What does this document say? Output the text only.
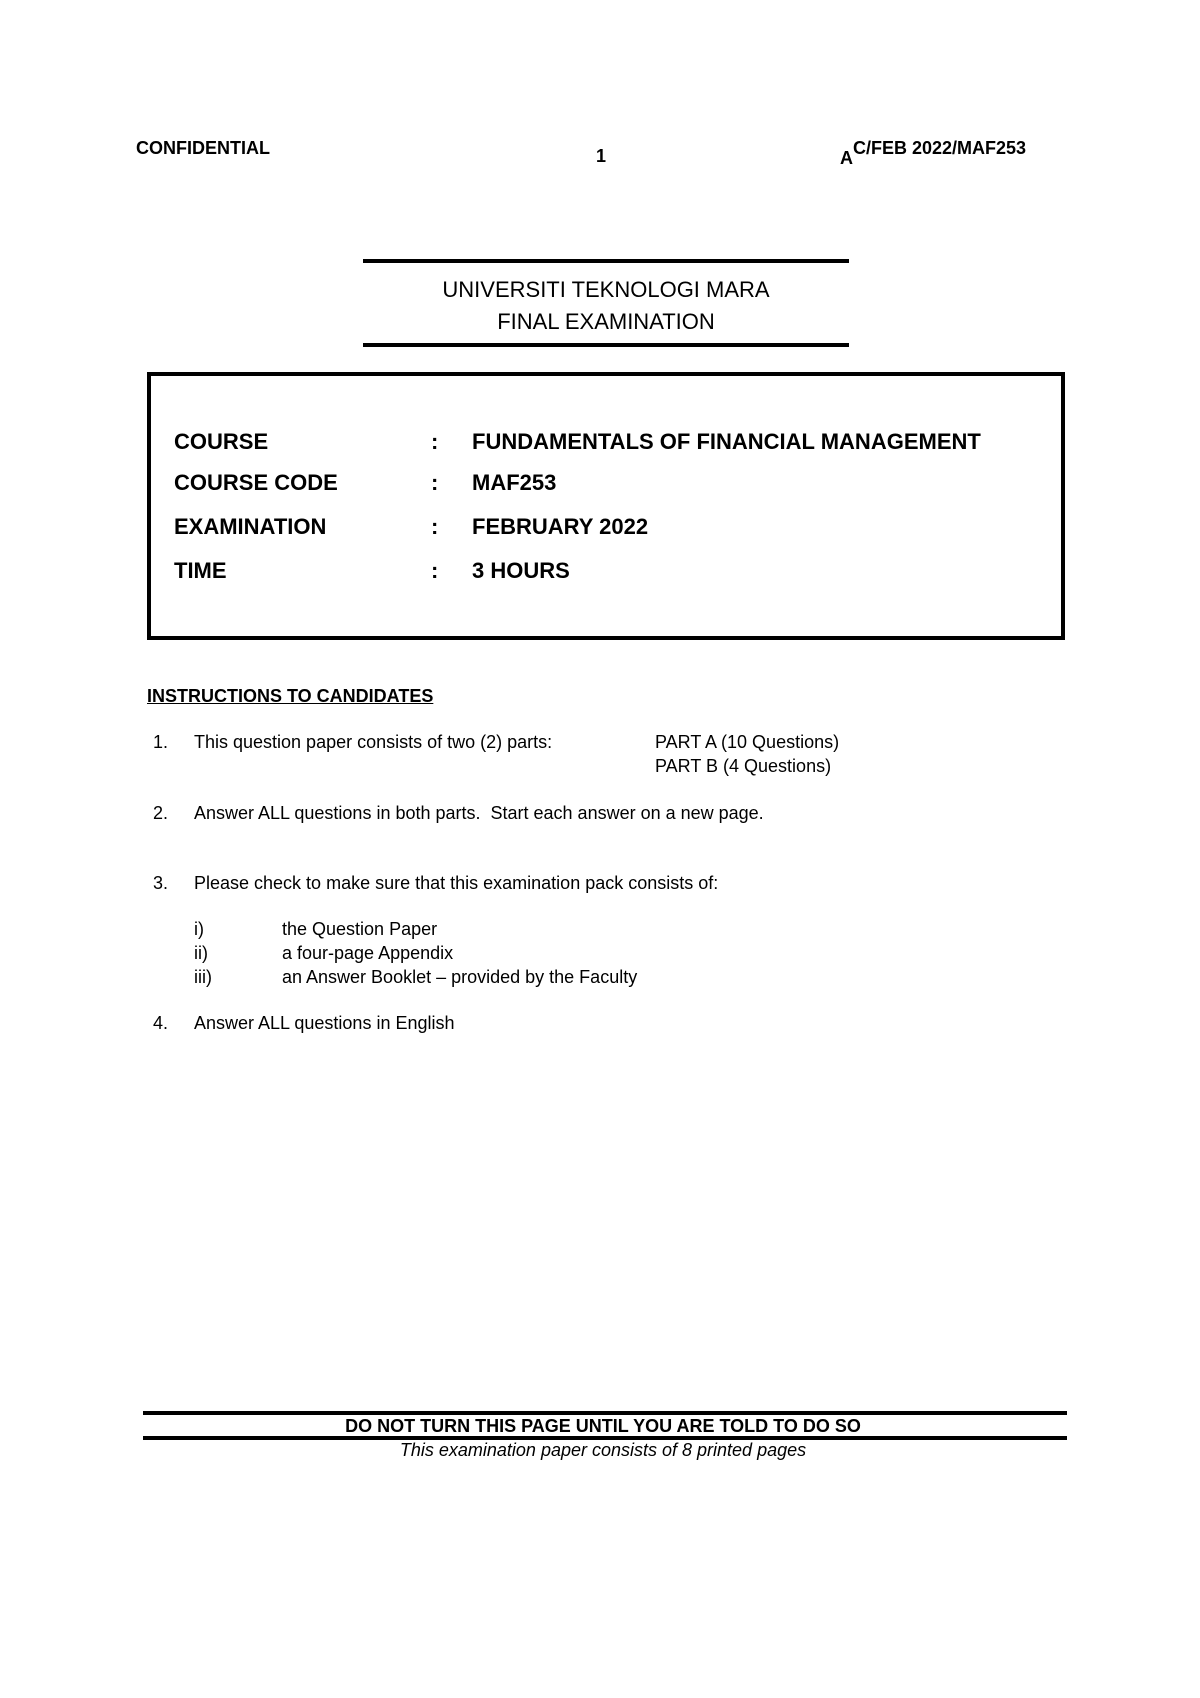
CONFIDENTIAL	1	AC/FEB 2022/MAF253
UNIVERSITI TEKNOLOGI MARA
FINAL EXAMINATION
COURSE	: FUNDAMENTALS OF FINANCIAL MANAGEMENT
COURSE CODE	: MAF253
EXAMINATION	: FEBRUARY 2022
TIME	: 3 HOURS
INSTRUCTIONS TO CANDIDATES
1. This question paper consists of two (2) parts:	PART A (10 Questions)
PART B (4 Questions)
2. Answer ALL questions in both parts.  Start each answer on a new page.
3. Please check to make sure that this examination pack consists of:
i)	the Question Paper
ii)	a four-page Appendix
iii)	an Answer Booklet – provided by the Faculty
4. Answer ALL questions in English
DO NOT TURN THIS PAGE UNTIL YOU ARE TOLD TO DO SO
This examination paper consists of 8 printed pages
